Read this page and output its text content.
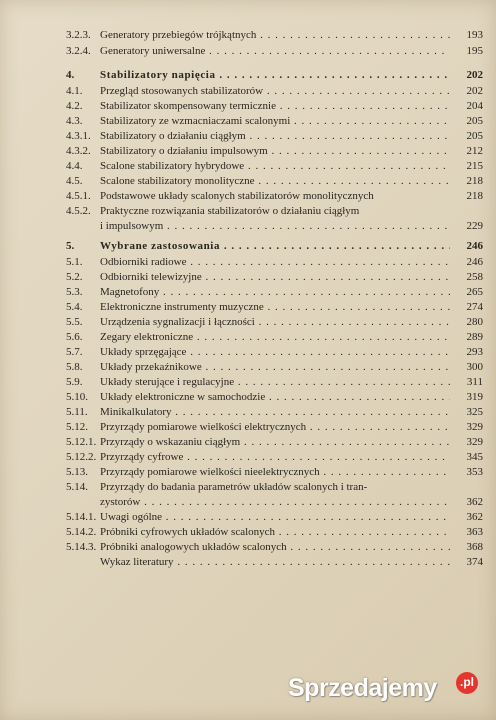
3.2.3. Generatory przebiegów trójkątnych . . .	193
3.2.4. Generatory uniwersalne . . .	195
4. Stabilizatory napięcia . . .	202
4.1. Przegląd stosowanych stabilizatorów . . .	202
4.2. Stabilizator skompensowany termicznie . . .	204
4.3. Stabilizatory ze wzmacniaczami scalonymi . . .	205
4.3.1. Stabilizatory o działaniu ciągłym . . .	205
4.3.2. Stabilizatory o działaniu impulsowym . . .	212
4.4. Scalone stabilizatory hybrydowe . . .	215
4.5. Scalone stabilizatory monolityczne . . .	218
4.5.1. Podstawowe układy scalonych stabilizatorów monolitycznych	218
4.5.2. Praktyczne rozwiązania stabilizatorów o działaniu ciągłym
i impulsowym . . .	229
5. Wybrane zastosowania . . .	246
5.1. Odbiorniki radiowe . . .	246
5.2. Odbiorniki telewizyjne . . .	258
5.3. Magnetofony . . .	265
5.4. Elektroniczne instrumenty muzyczne . . .	274
5.5. Urządzenia sygnalizacji i łączności . . .	280
5.6. Zegary elektroniczne . . .	289
5.7. Układy sprzęgające . . .	293
5.8. Układy przekaźnikowe . . .	300
5.9. Układy sterujące i regulacyjne . . .	311
5.10. Układy elektroniczne w samochodzie . . .	319
5.11. Minikalkulatory . . .	325
5.12. Przyrządy pomiarowe wielkości elektrycznych . . .	329
5.12.1. Przyrządy o wskazaniu ciągłym . . .	329
5.12.2. Przyrządy cyfrowe . . .	345
5.13. Przyrządy pomiarowe wielkości nieelektrycznych . . .	353
5.14. Przyrządy do badania parametrów układów scalonych i tran-
zystorów . . .	362
5.14.1. Uwagi ogólne . . .	362
5.14.2. Próbniki cyfrowych układów scalonych . . .	363
5.14.3. Próbniki analogowych układów scalonych . . .	368
Wykaz literatury . . .	374
Sprzedajemy	.pl
